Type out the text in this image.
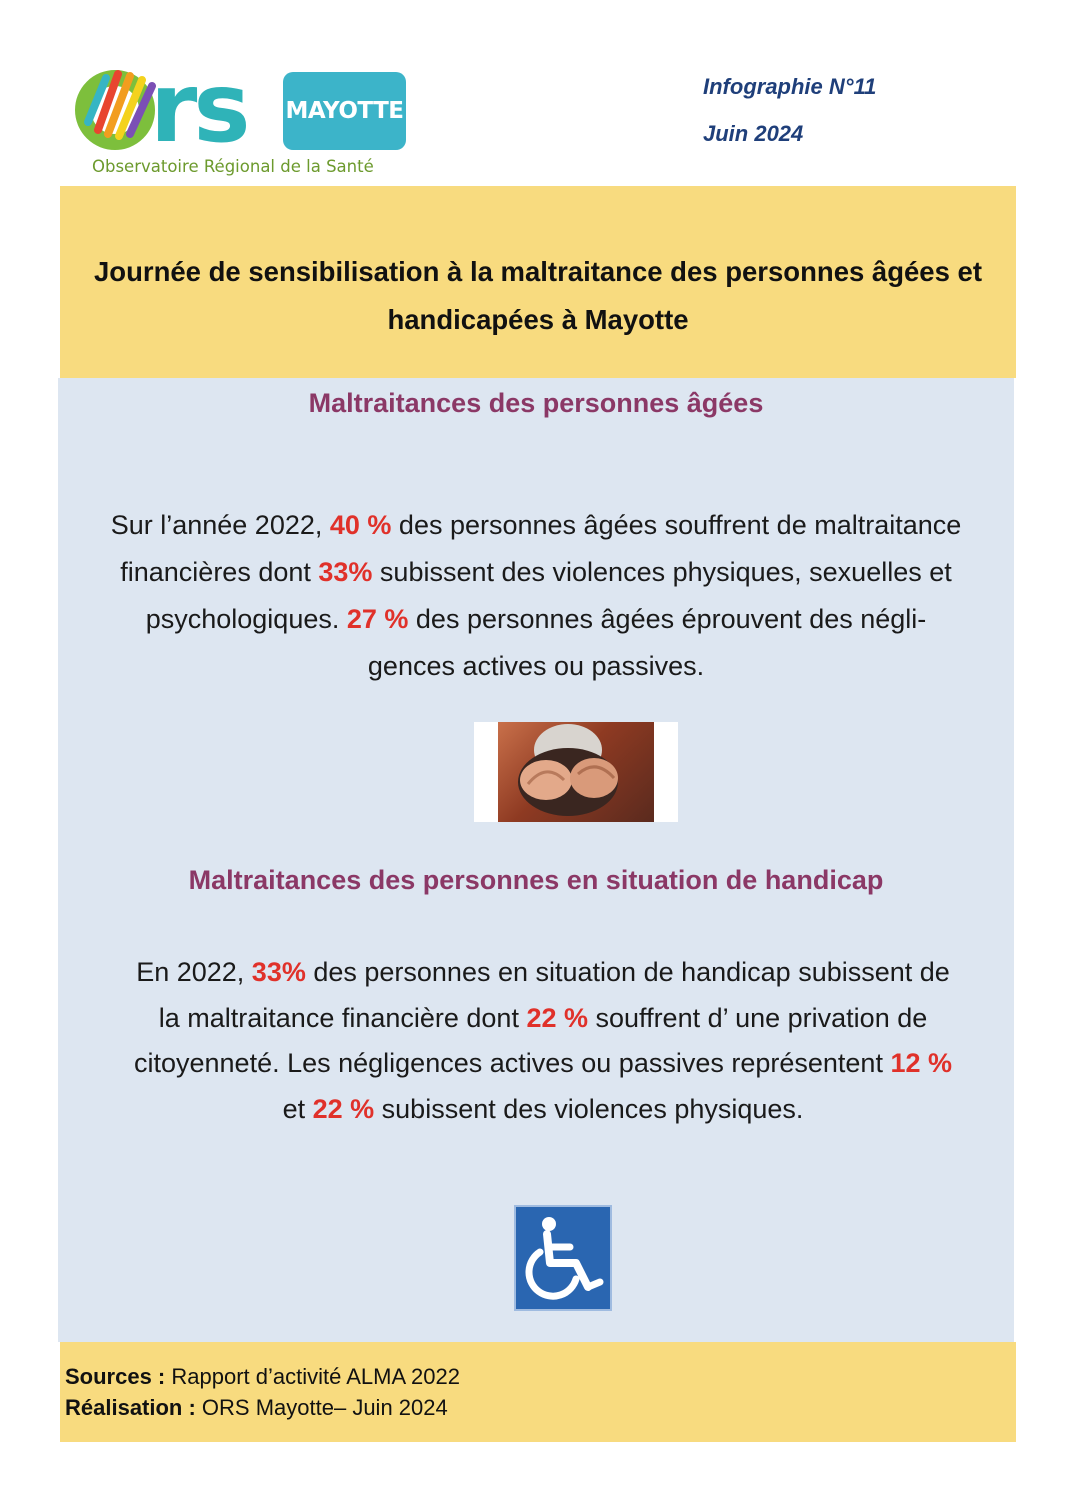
rs MAYOTTE
Observatoire Régional de la Santé
Infographie N°11
Juin 2024
Journée de sensibilisation à la maltraitance des personnes âgées et
handicapées à Mayotte
Maltraitances des personnes âgées
Sur l’année 2022, 40 % des personnes âgées souffrent de maltraitance
financières dont 33% subissent des violences physiques, sexuelles et
psychologiques. 27 % des personnes âgées éprouvent des négli-
gences actives ou passives.
Maltraitances des personnes en situation de handicap
En 2022, 33% des personnes en situation de handicap subissent de
la maltraitance financière dont 22 % souffrent d’ une privation de
citoyenneté. Les négligences actives ou passives représentent 12 %
et 22 % subissent des violences physiques.
Sources : Rapport d’activité ALMA 2022
Réalisation : ORS Mayotte– Juin 2024
